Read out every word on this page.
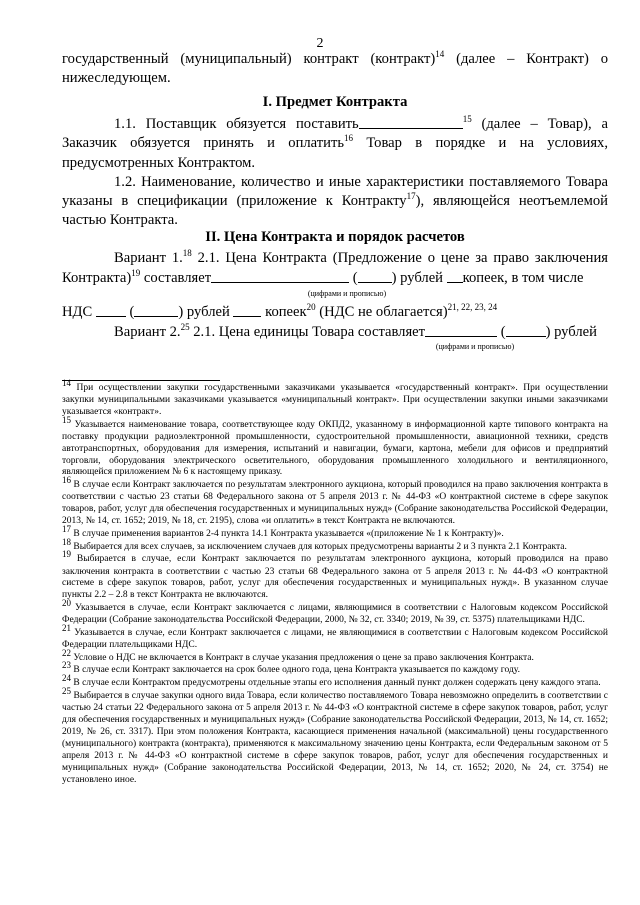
2

государственный (муниципальный) контракт (контракт)$^{14}$ (далее – Контракт) о нижеследующем.

I. Предмет Контракта

1.1. Поставщик обязуется поставить	$^{15}$ (далее – Товар), а Заказчик обязуется принять и оплатить$^{16}$ Товар в порядке и на условиях, предусмотренных Контрактом.

1.2. Наименование, количество и иные характеристики поставляемого Товара указаны в спецификации (приложение к Контракту$^{17}$), являющейся неотъемлемой частью Контракта.

II. Цена Контракта и порядок расчетов

Вариант 1.18 2.1. Цена Контракта (Предложение о цене за право заключения Контракта)$^{19}$ составляет	( ) рублей копеек, в том числе

(цифрами и прописью)

НДС	(	) рублей копеек$^{20}$ (НДС не облагается)$^{21, 22, 23, 24}$

Вариант 2.25 2.1. Цена единицы Товара составляет	(	) рублей

(цифрами и прописью)

$^{14}$ При осуществлении закупки государственными заказчиками указывается «государственный контракт». При осуществлении закупки муниципальными заказчиками указывается «муниципальный контракт». При осуществлении закупки иными заказчиками указывается «контракт».

$^{15}$ Указывается наименование товара, соответствующее коду ОКПД2, указанному в информационной карте типового контракта на поставку продукции радиоэлектронной промышленности, судостроительной промышленности, авиационной техники, средств автотранспортных, оборудования для измерения, испытаний и навигации, бумаги, картона, мебели для офисов и предприятий торговли, оборудования электрического осветительного, оборудования промышленного холодильного и вентиляционного, являющейся приложением № 6 к настоящему приказу.

$^{16}$ В случае если Контракт заключается по результатам электронного аукциона, который проводился на право заключения контракта в соответствии с частью 23 статьи 68 Федерального закона от 5 апреля 2013 г. № 44-ФЗ «О контрактной системе в сфере закупок товаров, работ, услуг для обеспечения государственных и муниципальных нужд» (Собрание законодательства Российской Федерации, 2013, № 14, ст. 1652; 2019, № 18, ст. 2195), слова «и оплатить» в текст Контракта не включаются.

$^{17}$ В случае применения вариантов 2-4 пункта 14.1 Контракта указывается «(приложение № 1 к Контракту)».

$^{18}$ Выбирается для всех случаев, за исключением случаев для которых предусмотрены варианты 2 и 3 пункта 2.1 Контракта.

$^{19}$ Выбирается в случае, если Контракт заключается по результатам электронного аукциона, который проводился на право заключения контракта в соответствии с частью 23 статьи 68 Федерального закона от 5 апреля 2013 г. № 44-ФЗ «О контрактной системе в сфере закупок товаров, работ, услуг для обеспечения государственных и муниципальных нужд». В указанном случае пункты 2.2 – 2.8 в текст Контракта не включаются.

$^{20}$ Указывается в случае, если Контракт заключается с лицами, являющимися в соответствии с Налоговым кодексом Российской Федерации (Собрание законодательства Российской Федерации, 2000, № 32, ст. 3340; 2019, № 39, ст. 5375) плательщиками НДС.

$^{21}$ Указывается в случае, если Контракт заключается с лицами, не являющимися в соответствии с Налоговым кодексом Российской Федерации плательщиками НДС.

$^{22}$ Условие о НДС не включается в Контракт в случае указания предложения о цене за право заключения Контракта.

$^{23}$ В случае если Контракт заключается на срок более одного года, цена Контракта указывается по каждому году.

$^{24}$ В случае если Контрактом предусмотрены отдельные этапы его исполнения данный пункт должен содержать цену каждого этапа.

$^{25}$ Выбирается в случае закупки одного вида Товара, если количество поставляемого Товара невозможно определить в соответствии с частью 24 статьи 22 Федерального закона от 5 апреля 2013 г. № 44-ФЗ «О контрактной системе в сфере закупок товаров, работ, услуг для обеспечения государственных и муниципальных нужд» (Собрание законодательства Российской Федерации, 2013, № 14, ст. 1652; 2019, № 26, ст. 3317). При этом положения Контракта, касающиеся применения начальной (максимальной) цены государственного (муниципального) контракта (контракта), применяются к максимальному значению цены Контракта, если Федеральным законом от 5 апреля 2013 г. № 44-ФЗ «О контрактной системе в сфере закупок товаров, работ, услуг для обеспечения государственных и муниципальных нужд» (Собрание законодательства Российской Федерации, 2013, № 14, ст. 1652; 2020, № 24, ст. 3754) не установлено иное.
